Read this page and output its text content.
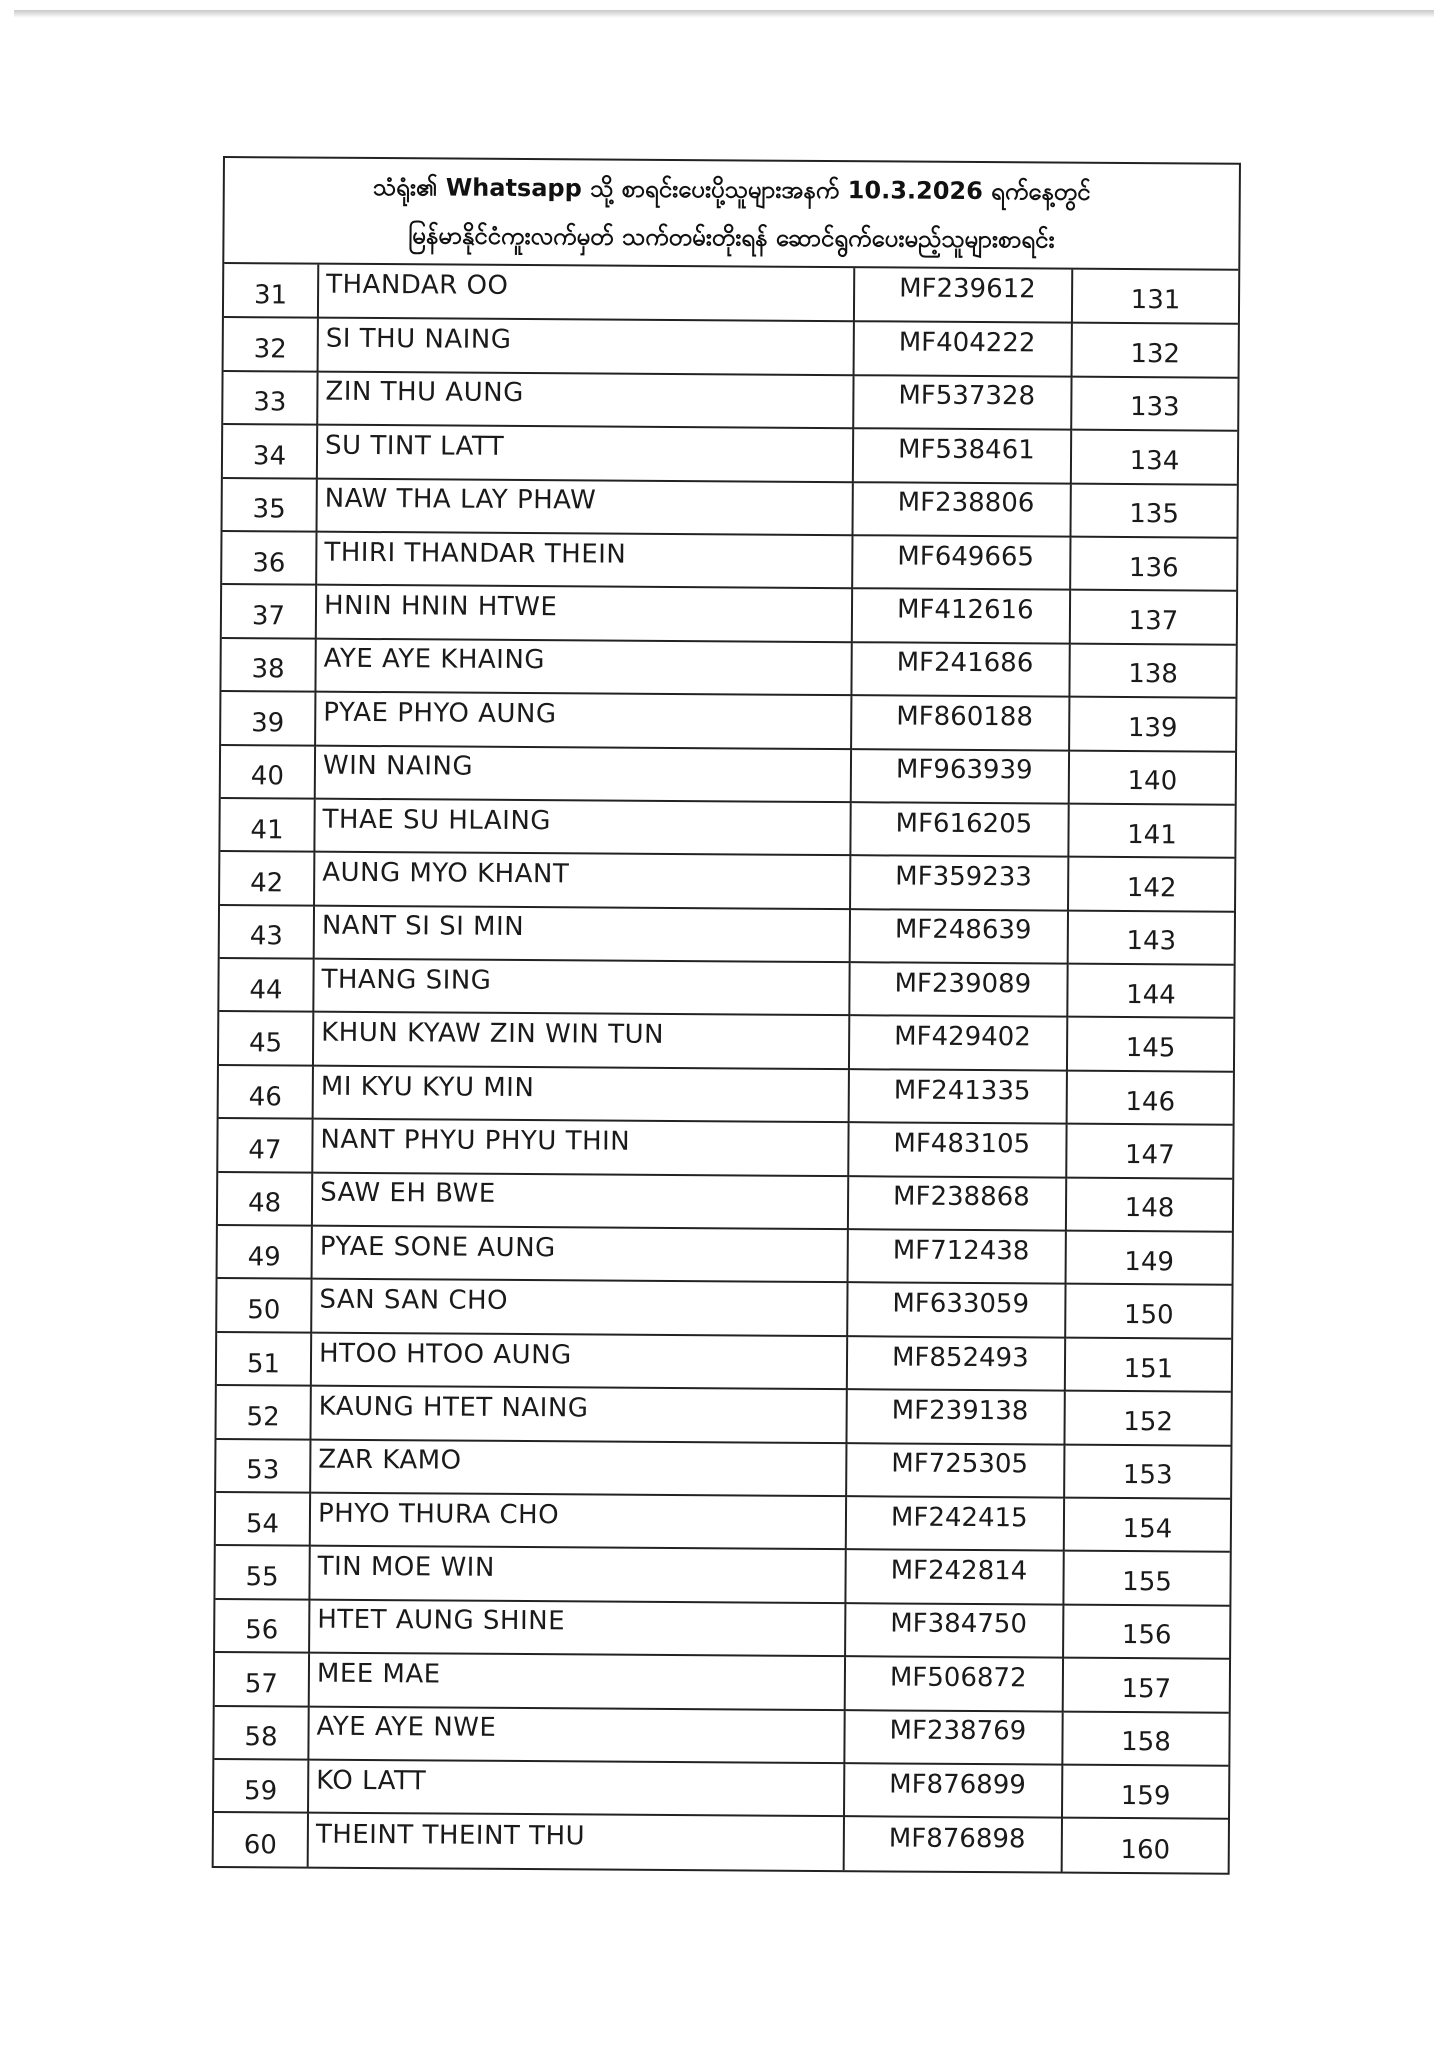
သံရုံး၏ Whatsapp သို့ စာရင်းပေးပို့သူများအနက် 10.3.2026 ရက်နေ့တွင်
မြန်မာနိုင်ငံကူးလက်မှတ် သက်တမ်းတိုးရန် ဆောင်ရွက်ပေးမည့်သူများစာရင်း
31	THANDAR OO	MF239612	131
32	SI THU NAING	MF404222	132
33	ZIN THU AUNG	MF537328	133
34	SU TINT LATT	MF538461	134
35	NAW THA LAY PHAW	MF238806	135
36	THIRI THANDAR THEIN	MF649665	136
37	HNIN HNIN HTWE	MF412616	137
38	AYE AYE KHAING	MF241686	138
39	PYAE PHYO AUNG	MF860188	139
40	WIN NAING	MF963939	140
41	THAE SU HLAING	MF616205	141
42	AUNG MYO KHANT	MF359233	142
43	NANT SI SI MIN	MF248639	143
44	THANG SING	MF239089	144
45	KHUN KYAW ZIN WIN TUN	MF429402	145
46	MI KYU KYU MIN	MF241335	146
47	NANT PHYU PHYU THIN	MF483105	147
48	SAW EH BWE	MF238868	148
49	PYAE SONE AUNG	MF712438	149
50	SAN SAN CHO	MF633059	150
51	HTOO HTOO AUNG	MF852493	151
52	KAUNG HTET NAING	MF239138	152
53	ZAR KAMO	MF725305	153
54	PHYO THURA CHO	MF242415	154
55	TIN MOE WIN	MF242814	155
56	HTET AUNG SHINE	MF384750	156
57	MEE MAE	MF506872	157
58	AYE AYE NWE	MF238769	158
59	KO LATT	MF876899	159
60	THEINT THEINT THU	MF876898	160
